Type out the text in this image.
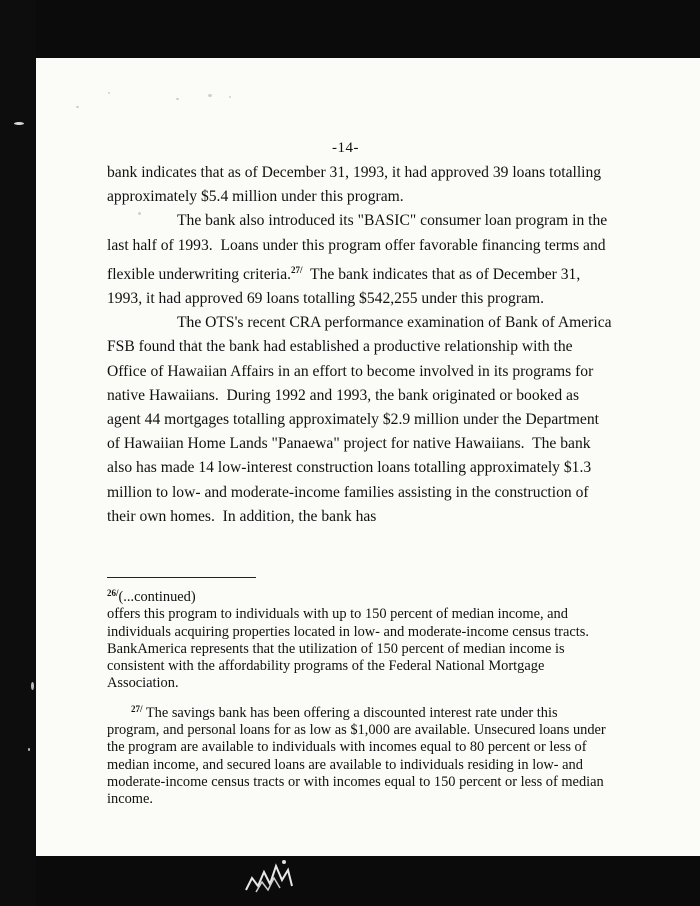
-14-

bank indicates that as of December 31, 1993, it had approved 39 loans totalling approximately $5.4 million under this program.

The bank also introduced its "BASIC" consumer loan program in the last half of 1993.  Loans under this program offer favorable financing terms and flexible underwriting criteria.$^{27/}$  The bank indicates that as of December 31, 1993, it had approved 69 loans totalling $542,255 under this program.

The OTS's recent CRA performance examination of Bank of America FSB found that the bank had established a productive relationship with the Office of Hawaiian Affairs in an effort to become involved in its programs for native Hawaiians.  During 1992 and 1993, the bank originated or booked as agent 44 mortgages totalling approximately $2.9 million under the Department of Hawaiian Home Lands "Panaewa" project for native Hawaiians.  The bank also has made 14 low-interest construction loans totalling approximately $1.3 million to low- and moderate-income families assisting in the construction of their own homes.  In addition, the bank has

$^{26/}$(...continued)
offers this program to individuals with up to 150 percent of median income, and individuals acquiring properties located in low- and moderate-income census tracts. BankAmerica represents that the utilization of 150 percent of median income is consistent with the affordability programs of the Federal National Mortgage Association.

$^{27/}$ The savings bank has been offering a discounted interest rate under this program, and personal loans for as low as $1,000 are available. Unsecured loans under the program are available to individuals with incomes equal to 80 percent or less of median income, and secured loans are available to individuals residing in low- and moderate-income census tracts or with incomes equal to 150 percent or less of median income.
